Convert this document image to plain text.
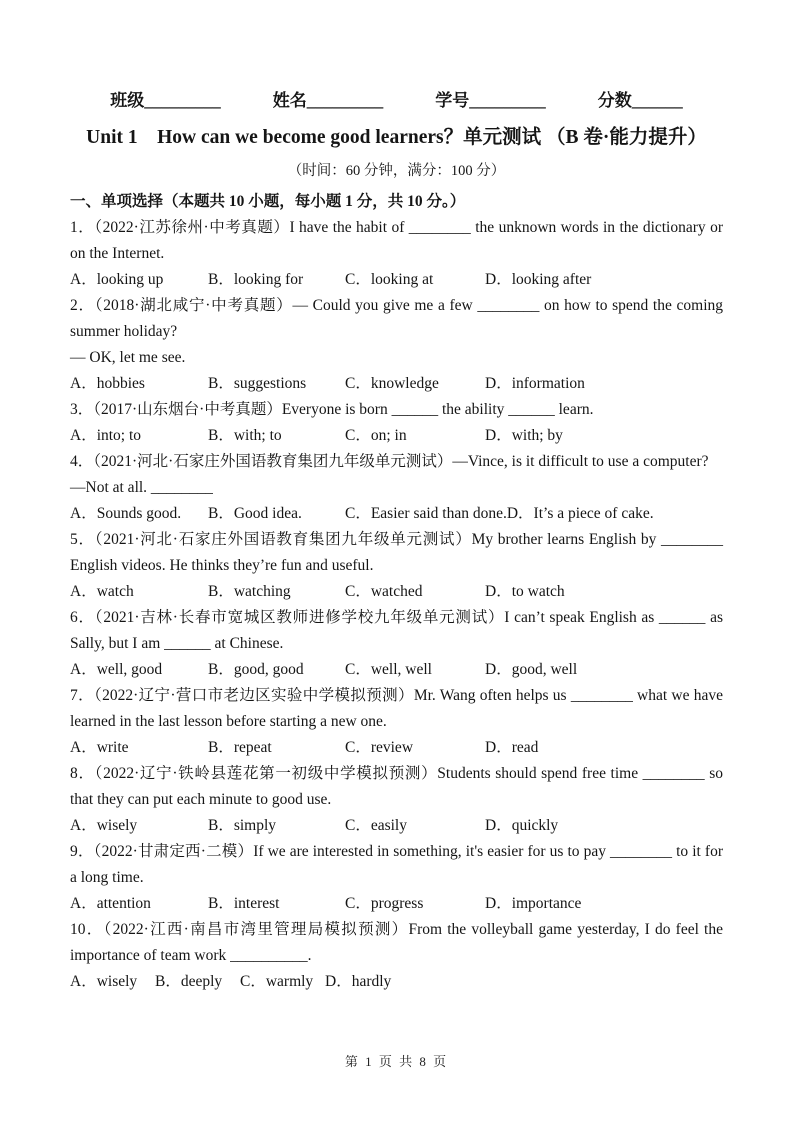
班级_________	姓名_________	学号_________	分数______
Unit 1　How can we become good learners？单元测试 （B 卷·能力提升）
（时间：60 分钟，满分：100 分）
一、单项选择（本题共 10 小题，每小题 1 分，共 10 分。）

1．（2022·江苏徐州·中考真题）I have the habit of ________ the unknown words in the dictionary or on the Internet.

A．looking up	B．looking for	C．looking at	D．looking after

2．（2018·湖北咸宁·中考真题）— Could you give me a few ________ on how to spend the coming summer holiday?

— OK, let me see.

A．hobbies	B．suggestions	C．knowledge	D．information

3．（2017·山东烟台·中考真题）Everyone is born ______ the ability ______ learn.

A．into; to	B．with; to	C．on; in	D．with; by

4．（2021·河北·石家庄外国语教育集团九年级单元测试）—Vince, is it difficult to use a computer?

—Not at all. ________

A．Sounds good.	B．Good idea.	C．Easier said than done. D．It’s a piece of cake.

5．（2021·河北·石家庄外国语教育集团九年级单元测试）My brother learns English by ________ English videos. He thinks they’re fun and useful.

A．watch	B．watching	C．watched	D．to watch

6．（2021·吉林·长春市宽城区教师进修学校九年级单元测试）I can’t speak English as ______ as Sally, but I am ______ at Chinese.

A．well, good	B．good, good	C．well, well	D．good, well

7．（2022·辽宁·营口市老边区实验中学模拟预测）Mr. Wang often helps us ________ what we have learned in the last lesson before starting a new one.

A．write	B．repeat	C．review	D．read

8．（2022·辽宁·铁岭县莲花第一初级中学模拟预测）Students should spend free time ________ so that they can put each minute to good use.

A．wisely	B．simply	C．easily	D．quickly

9．（2022·甘肃定西·二模）If we are interested in something, it's easier for us to pay ________ to it for a long time.

A．attention	B．interest	C．progress	D．importance

10．（2022·江西·南昌市湾里管理局模拟预测）From the volleyball game yesterday, I do feel the importance of team work __________.

A．wisely	B．deeply	C．warmly D．hardly
第 1 页 共 8 页
